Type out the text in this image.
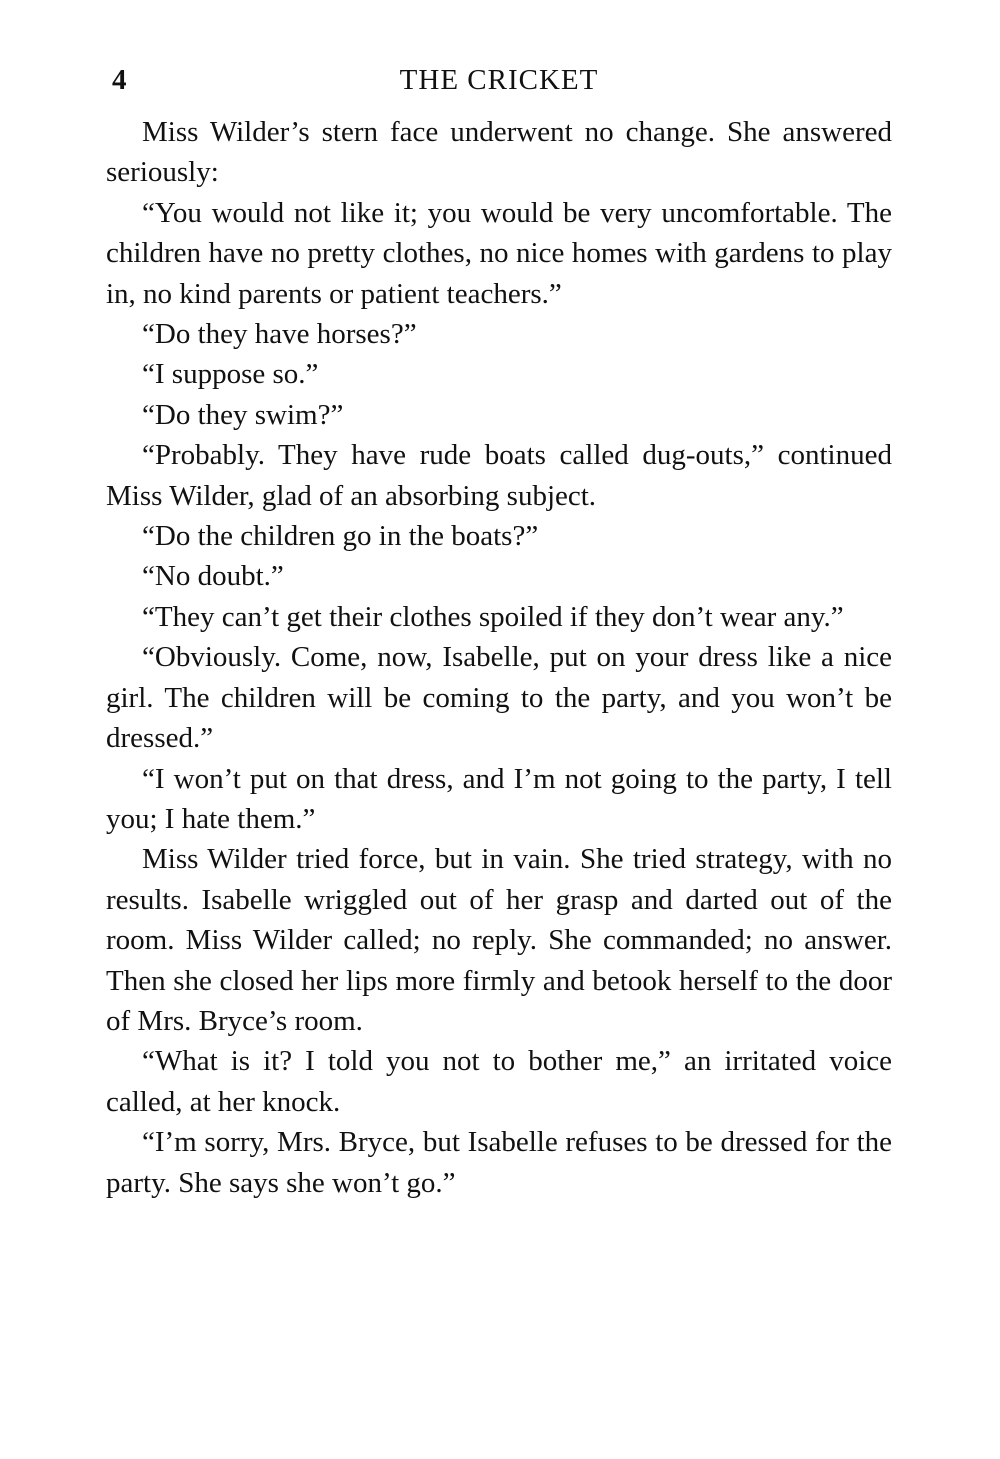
4	THE CRICKET

Miss Wilder’s stern face underwent no change. She answered seriously:

“You would not like it; you would be very uncomfortable. The children have no pretty clothes, no nice homes with gardens to play in, no kind parents or patient teachers.”

“Do they have horses?”

“I suppose so.”

“Do they swim?”

“Probably. They have rude boats called dug-outs,” continued Miss Wilder, glad of an absorbing subject.

“Do the children go in the boats?”

“No doubt.”

“They can’t get their clothes spoiled if they don’t wear any.”

“Obviously. Come, now, Isabelle, put on your dress like a nice girl. The children will be coming to the party, and you won’t be dressed.”

“I won’t put on that dress, and I’m not going to the party, I tell you; I hate them.”

Miss Wilder tried force, but in vain. She tried strategy, with no results. Isabelle wriggled out of her grasp and darted out of the room. Miss Wilder called; no reply. She commanded; no answer. Then she closed her lips more firmly and betook herself to the door of Mrs. Bryce’s room.

“What is it? I told you not to bother me,” an irritated voice called, at her knock.

“I’m sorry, Mrs. Bryce, but Isabelle refuses to be dressed for the party. She says she won’t go.”
